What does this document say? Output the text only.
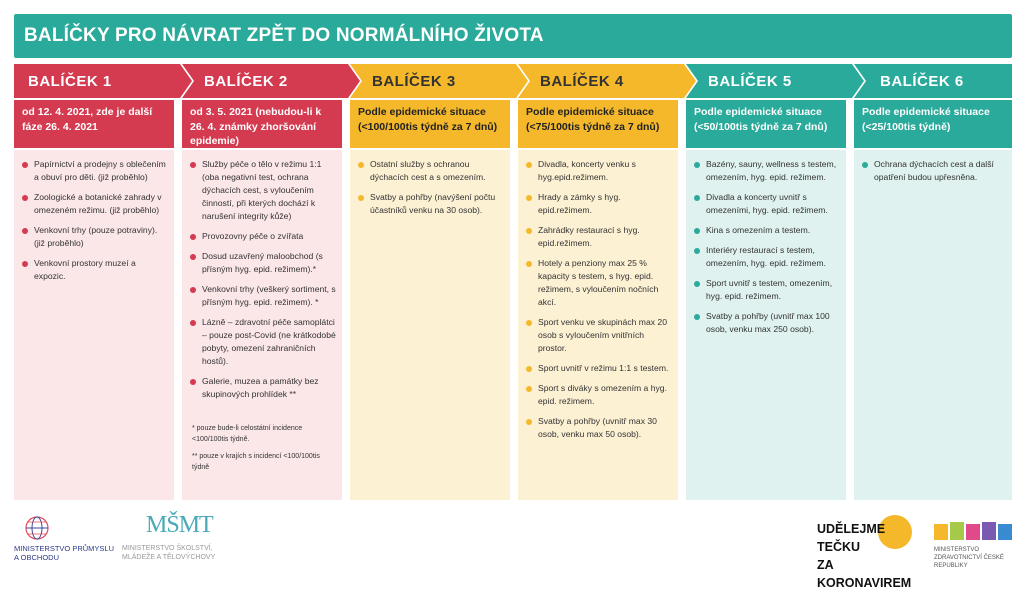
BALÍČKY PRO NÁVRAT ZPĚT DO NORMÁLNÍHO ŽIVOTA
BALÍČEK 1
od 12. 4. 2021, zde je další fáze 26. 4. 2021
Papírnictví a prodejny s oblečením a obuví pro děti. (již proběhlo)
Zoologické a botanické zahrady v omezeném režimu. (již proběhlo)
Venkovní trhy (pouze potraviny). (již proběhlo)
Venkovní prostory muzeí a expozic.
BALÍČEK 2
od 3. 5. 2021 (nebudou-li k 26. 4. známky zhoršování epidemie)
Služby péče o tělo v režimu 1:1 (oba negativní test, ochrana dýchacích cest, s vyloučením činností, při kterých dochází k narušení integrity kůže)
Provozovny péče o zvířata
Dosud uzavřený maloobchod (s přísným hyg. epid. režimem).*
Venkovní trhy (veškerý sortiment, s přísným hyg. epid. režimem). *
Lázně – zdravotní péče samoplátci – pouze post-Covid (ne krátkodobé pobyty, omezení zahraničních hostů).
Galerie, muzea a památky bez skupinových prohlídek **
* pouze bude-li celostátní incidence <100/100tis týdně.
** pouze v krajích s incidencí <100/100tis týdně
BALÍČEK 3
Podle epidemické situace (<100/100tis týdně za 7 dnů)
Ostatní služby s ochranou dýchacích cest a s omezením.
Svatby a pohřby (navýšení počtu účastníků venku na 30 osob).
BALÍČEK 4
Podle epidemické situace (<75/100tis týdně za 7 dnů)
Divadla, koncerty venku s hyg.epid.režimem.
Hrady a zámky s hyg. epid.režimem.
Zahrádky restaurací s hyg. epid.režimem.
Hotely a penziony max 25 % kapacity s testem, s hyg. epid. režimem, s vyloučením nočních akcí.
Sport venku ve skupinách max 20 osob s vyloučením vnitřních prostor.
Sport uvnitř v režimu 1:1 s testem.
Sport s diváky s omezením a hyg. epid. režimem.
Svatby a pohřby (uvnitř max 30 osob, venku max 50 osob).
BALÍČEK 5
Podle epidemické situace (<50/100tis týdně za 7 dnů)
Bazény, sauny, wellness s testem, omezením, hyg. epid. režimem.
Divadla a koncerty uvnitř s omezeními, hyg. epid. režimem.
Kina s omezením a testem.
Interiéry restaurací s testem, omezením, hyg. epid. režimem.
Sport uvnitř s testem, omezením, hyg. epid. režimem.
Svatby a pohřby (uvnitř max 100 osob, venku max 250 osob).
BALÍČEK 6
Podle epidemické situace (<25/100tis týdně)
Ochrana dýchacích cest a další opatření budou upřesněna.
MINISTERSTVO PRŮMYSLU A OBCHODU
MŠMT
MINISTERSTVO ŠKOLSTVÍ, MLÁDEŽE A TĚLOVÝCHOVY
UDĚLEJME TEČKU
ZA KORONAVIREM
MINISTERSTVO ZDRAVOTNICTVÍ ČESKÉ REPUBLIKY
